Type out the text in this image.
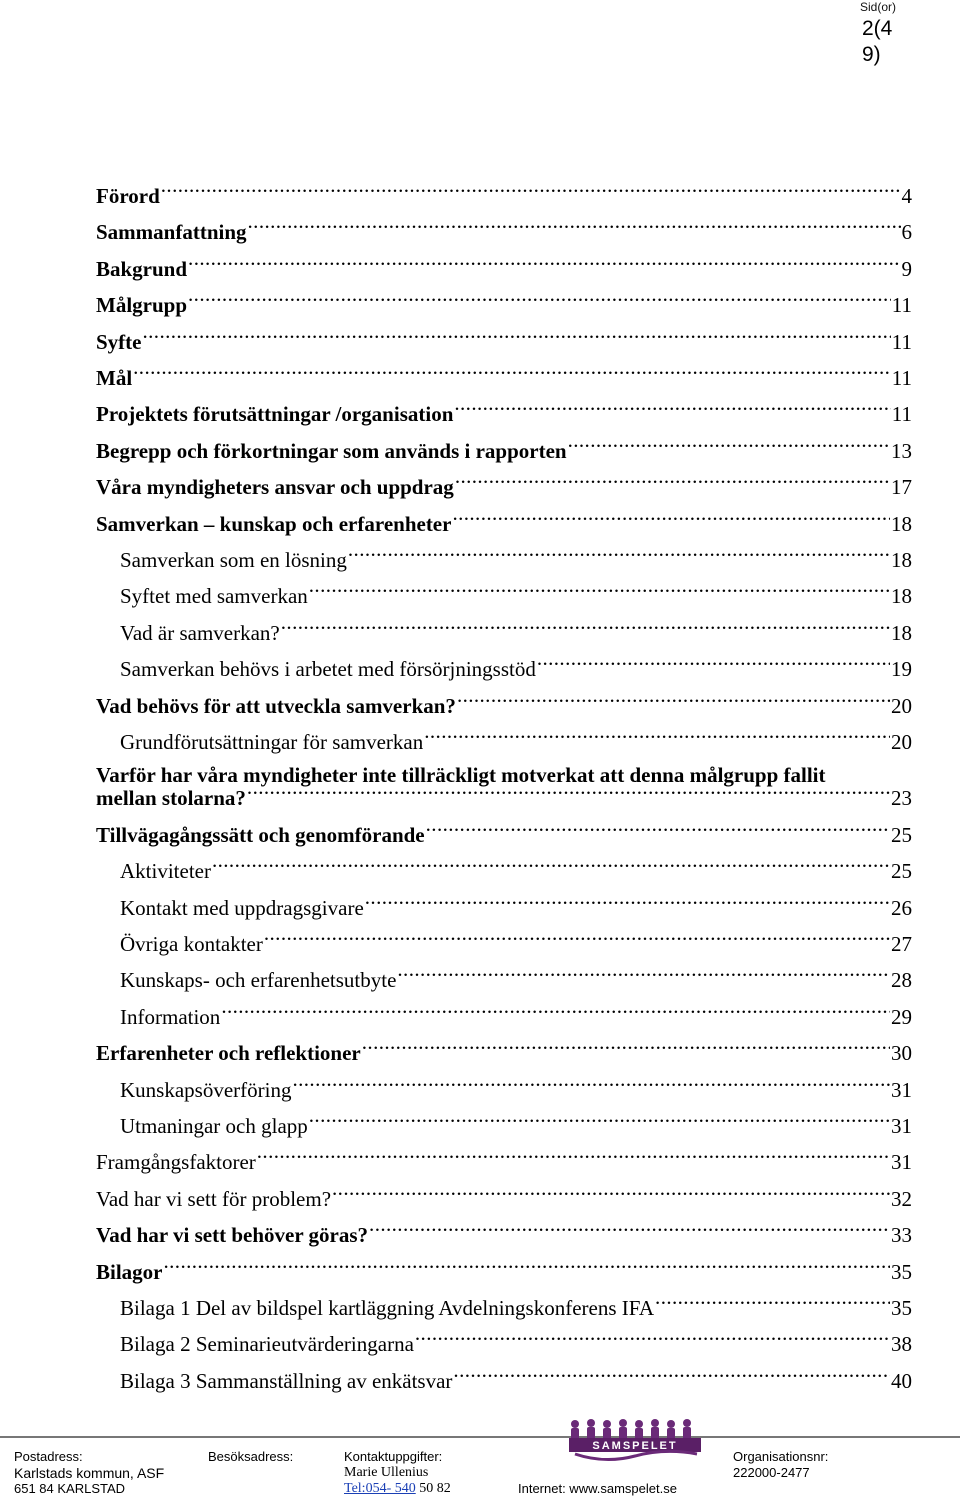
Sid(or)
2(4
9)
Förord .....	4
Sammanfattning .....	6
Bakgrund .....	9
Målgrupp .....	11
Syfte .....	11
Mål .....	11
Projektets förutsättningar /organisation .....	11
Begrepp och förkortningar som används i rapporten .....	13
Våra myndigheters ansvar och uppdrag .....	17
Samverkan – kunskap och erfarenheter .....	18
Samverkan som en lösning .....	18
Syftet med samverkan .....	18
Vad är samverkan? .....	18
Samverkan behövs i arbetet med försörjningsstöd .....	19
Vad behövs för att utveckla samverkan? .....	20
Grundförutsättningar för samverkan .....	20
Varför har våra myndigheter inte tillräckligt motverkat att denna målgrupp fallit
mellan stolarna? .....	23
Tillvägagångssätt och genomförande .....	25
Aktiviteter .....	25
Kontakt med uppdragsgivare .....	26
Övriga kontakter .....	27
Kunskaps- och erfarenhetsutbyte .....	28
Information .....	29
Erfarenheter och reflektioner .....	30
Kunskapsöverföring .....	31
Utmaningar och glapp .....	31
Framgångsfaktorer .....	31
Vad har vi sett för problem? .....	32
Vad har vi sett behöver göras? .....	33
Bilagor .....	35
Bilaga 1 Del av bildspel kartläggning Avdelningskonferens IFA .....	35
Bilaga 2 Seminarieutvärderingarna .....	38
Bilaga 3 Sammanställning av enkätsvar .....	40
SAMSPELET
Postadress:
Karlstads kommun, ASF
651 84 KARLSTAD
Besöksadress:	Kontaktuppgifter:
Marie Ullenius
Tel:054- 540 50 82	Internet: www.samspelet.se
Organisationsnr:
222000-2477
